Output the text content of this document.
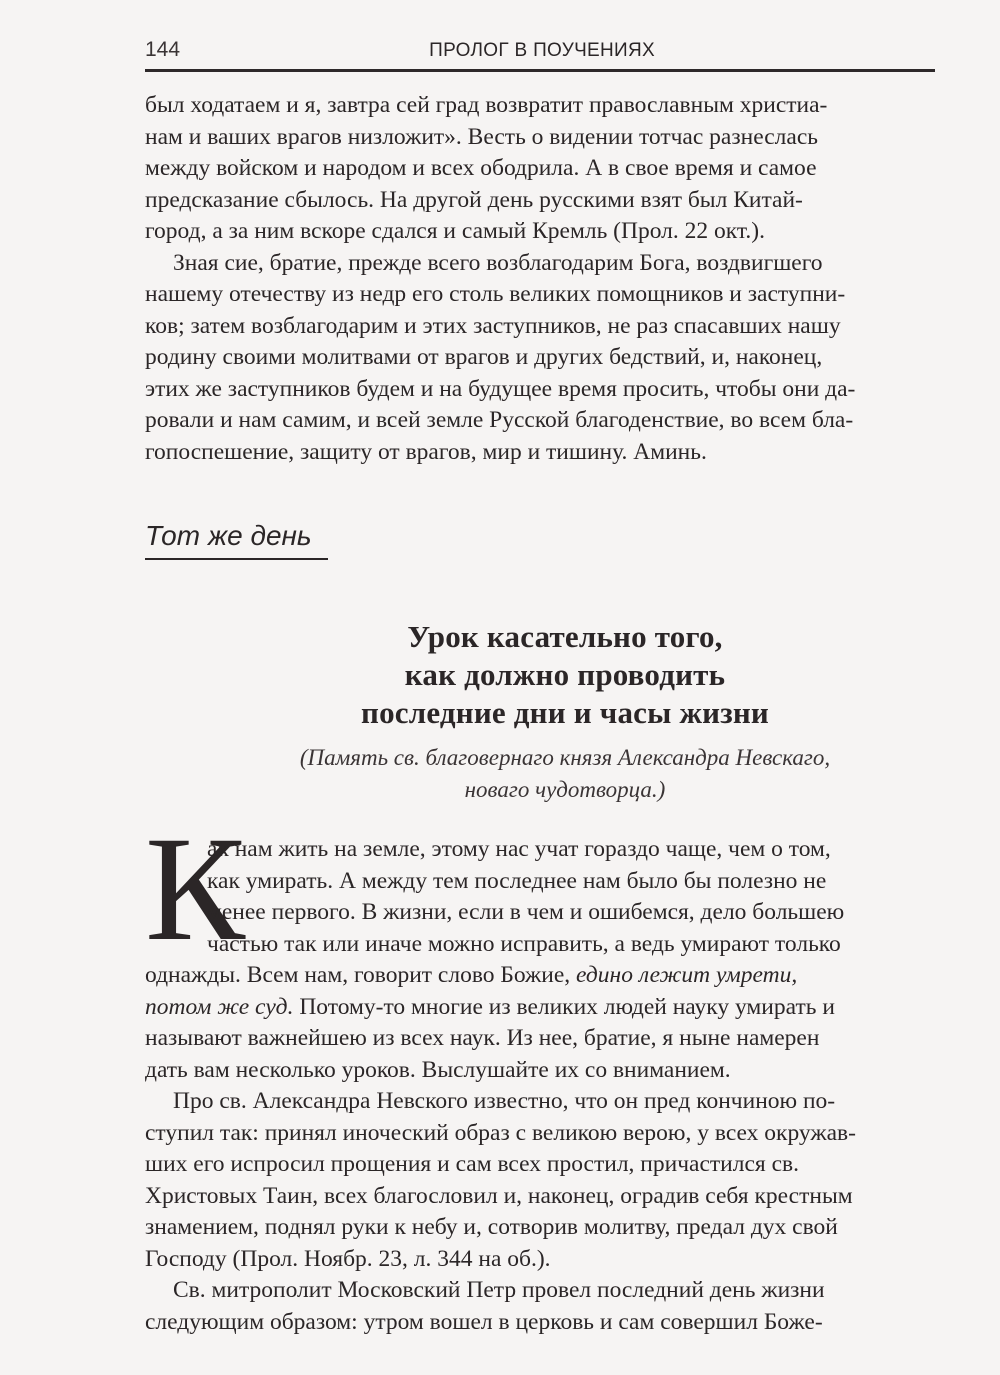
144	ПРОЛОГ В ПОУЧЕНИЯХ

был ходатаем и я, завтра сей град возвратит православным христиа-
нам и ваших врагов низложит». Весть о видении тотчас разнеслась
между войском и народом и всех ободрила. А в свое время и самое
предсказание сбылось. На другой день русскими взят был Китай-
город, а за ним вскоре сдался и самый Кремль (Прол. 22 окт.).

Зная сие, братие, прежде всего возблагодарим Бога, воздвигшего
нашему отечеству из недр его столь великих помощников и заступни-
ков; затем возблагодарим и этих заступников, не раз спасавших нашу
родину своими молитвами от врагов и других бедствий, и, наконец,
этих же заступников будем и на будущее время просить, чтобы они да-
ровали и нам самим, и всей земле Русской благоденствие, во всем бла-
гопоспешение, защиту от врагов, мир и тишину. Аминь.

Тот же день
Урок касательно того,
как должно проводить
последние дни и часы жизни
(Память св. благовернаго князя Александра Невскаго,
новаго чудотворца.)
К

ак нам жить на земле, этому нас учат гораздо чаще, чем о том,
как умирать. А между тем последнее нам было бы полезно не
менее первого. В жизни, если в чем и ошибемся, дело большею
частью так или иначе можно исправить, а ведь умирают только
однажды. Всем нам, говорит слово Божие, едино лежит умрети,
потом же суд. Потому-то многие из великих людей науку умирать и
называют важнейшею из всех наук. Из нее, братие, я ныне намерен
дать вам несколько уроков. Выслушайте их со вниманием.

Про св. Александра Невского известно, что он пред кончиною по-
ступил так: принял иноческий образ с великою верою, у всех окружав-
ших его испросил прощения и сам всех простил, причастился св.
Христовых Таин, всех благословил и, наконец, оградив себя крестным
знамением, поднял руки к небу и, сотворив молитву, предал дух свой
Господу (Прол. Ноябр. 23, л. 344 на об.).

Св. митрополит Московский Петр провел последний день жизни
следующим образом: утром вошел в церковь и сам совершил Боже-
